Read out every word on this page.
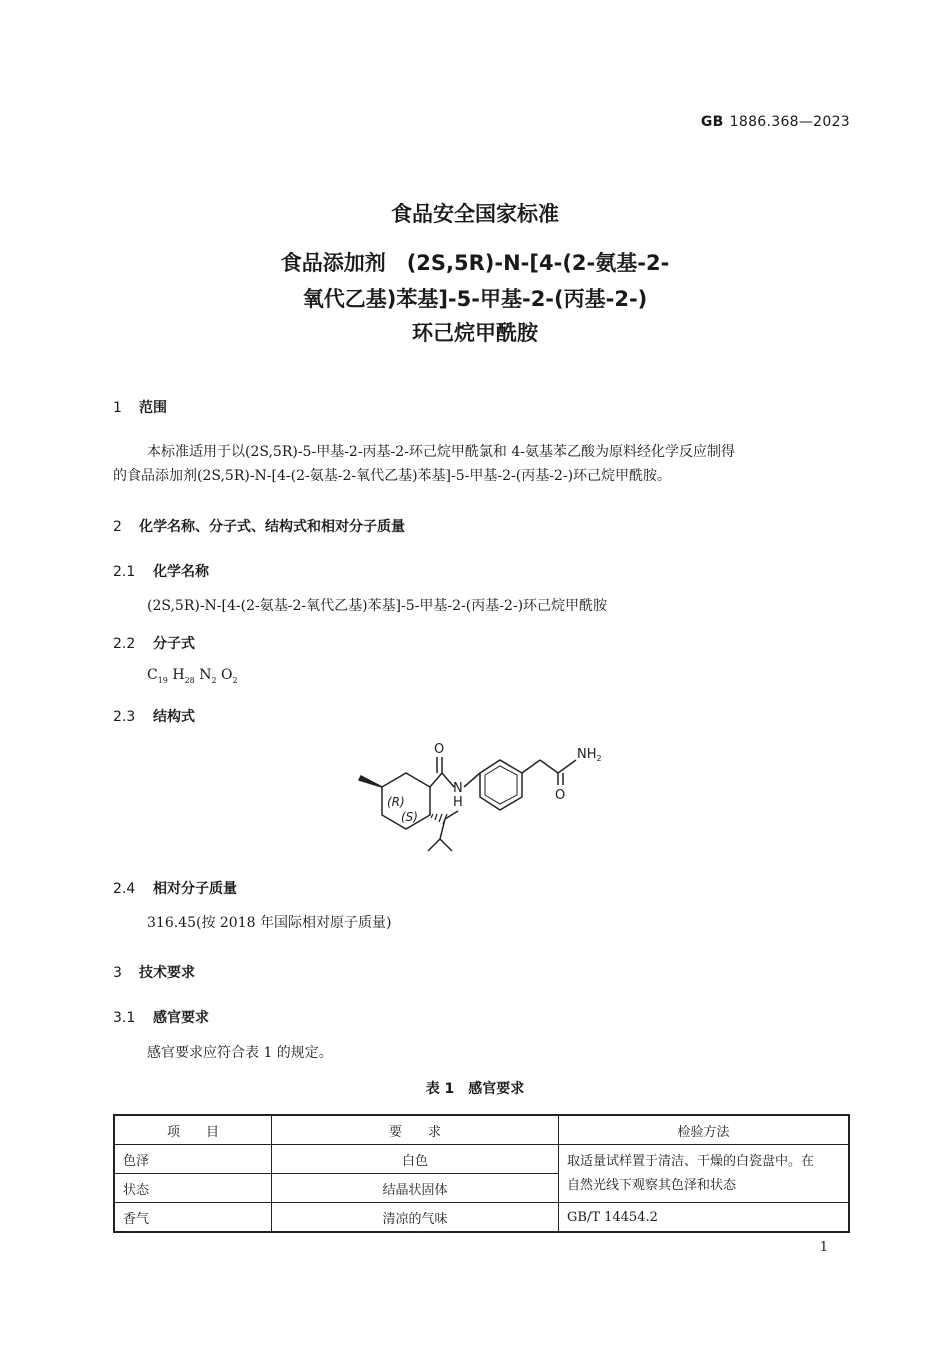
GB 1886.368—2023
食品安全国家标准
食品添加剂　(2S,5R)-N-[4-(2-氨基-2-
氧代乙基)苯基]-5-甲基-2-(丙基-2-)
环己烷甲酰胺
1 范围
本标准适用于以(2S,5R)-5-甲基-2-丙基-2-环己烷甲酰氯和 4-氨基苯乙酸为原料经化学反应制得
的食品添加剂(2S,5R)-N-[4-(2-氨基-2-氧代乙基)苯基]-5-甲基-2-(丙基-2-)环己烷甲酰胺。
2 化学名称、分子式、结构式和相对分子质量
2.1 化学名称
(2S,5R)-N-[4-(2-氨基-2-氧代乙基)苯基]-5-甲基-2-(丙基-2-)环己烷甲酰胺
2.2 分子式
$C_{19}$ $H_{28}$ $N_2$ $O_2$
2.3 结构式
O
N
H	O
$NH_2$
(R)
(S)
2.4 相对分子质量
316.45(按 2018 年国际相对原子质量)
3 技术要求
3.1 感官要求
感官要求应符合表 1 的规定。
表 1　感官要求
项　　目	要　　求	检验方法
色泽	白色	取适量试样置于清洁、干燥的白瓷盘中。在
自然光线下观察其色泽和状态

状态	结晶状固体	
香气	清凉的气味	GB/T 14454.2
1
